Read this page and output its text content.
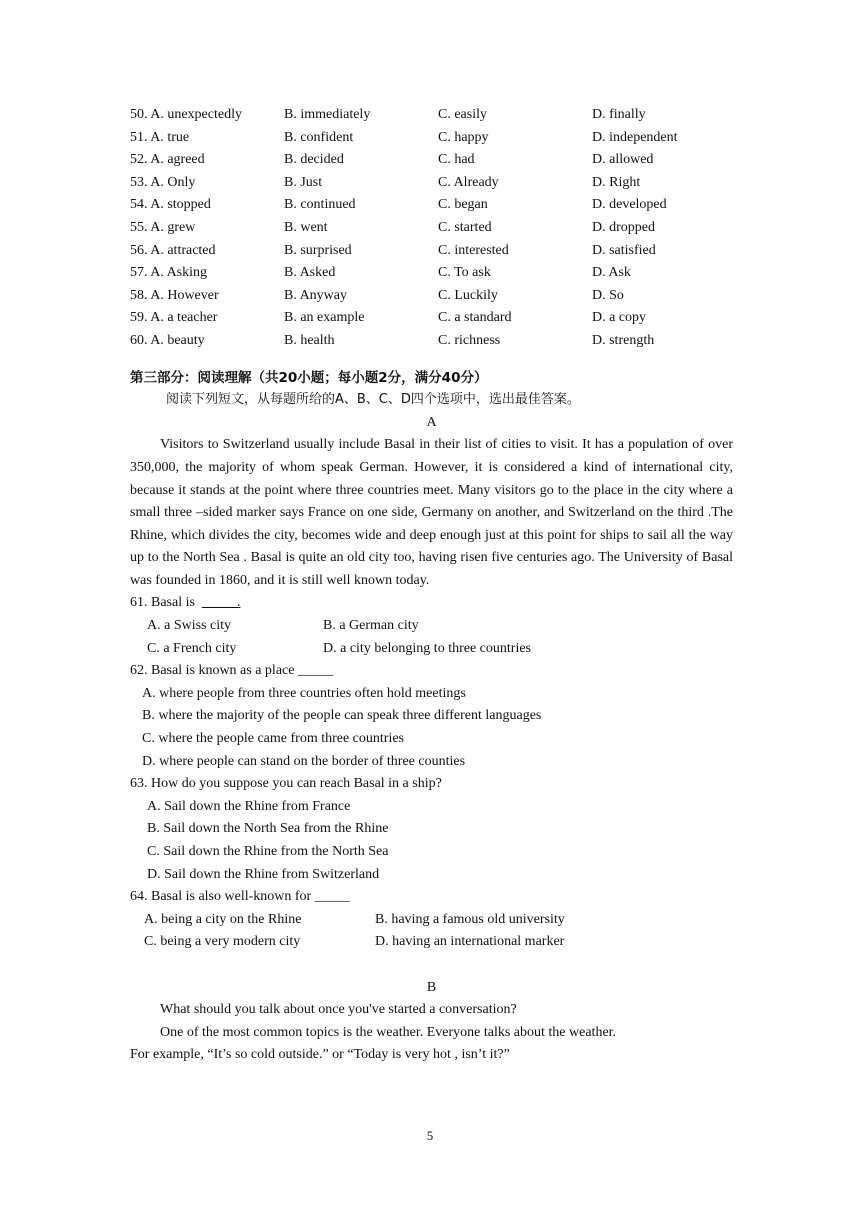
50. A. unexpectedly	B. immediately	C. easily	D. finally
51. A. true	B. confident	C. happy	D. independent
52. A. agreed	B. decided	C. had	D. allowed
53. A. Only	B. Just	C. Already	D. Right
54. A. stopped	B. continued	C. began	D. developed
55. A. grew	B. went	C. started	D. dropped
56. A. attracted	B. surprised	C. interested	D. satisfied
57. A. Asking	B. Asked	C. To ask	D. Ask
58. A. However	B. Anyway	C. Luckily	D. So
59. A. a teacher	B. an example	C. a standard	D. a copy
60. A. beauty	B. health	C. richness	D. strength
第三部分：阅读理解（共20小题；每小题2分，满分40分）
阅读下列短文，从每题所给的A、B、C、D四个选项中，选出最佳答案。
A
Visitors to Switzerland usually include Basal in their list of cities to visit. It has a population of over 350,000, the majority of whom speak German. However, it is considered a kind of international city, because it stands at the point where three countries meet. Many visitors go to the place in the city where a small three –sided marker says France on one side, Germany on another, and Switzerland on the third .The Rhine, which divides the city, becomes wide and deep enough just at this point for ships to sail all the way up to the North Sea . Basal is quite an old city too, having risen five centuries ago. The University of Basal was founded in 1860, and it is still well known today.
61. Basal is _____.
A. a Swiss city	B. a German city
C. a French city	D. a city belonging to three countries
62. Basal is known as a place _____
A. where people from three countries often hold meetings
B. where the majority of the people can speak three different languages
C. where the people came from three countries
D. where people can stand on the border of three counties
63. How do you suppose you can reach Basal in a ship?
A. Sail down the Rhine from France
B. Sail down the North Sea from the Rhine
C. Sail down the Rhine from the North Sea
D. Sail down the Rhine from Switzerland
64. Basal is also well-known for _____
A. being a city on the Rhine	B. having a famous old university
C. being a very modern city	D. having an international marker
B
What should you talk about once you've started a conversation?
One of the most common topics is the weather. Everyone talks about the weather.
For example, “It’s so cold outside.” or “Today is very hot , isn’t it?”
5
